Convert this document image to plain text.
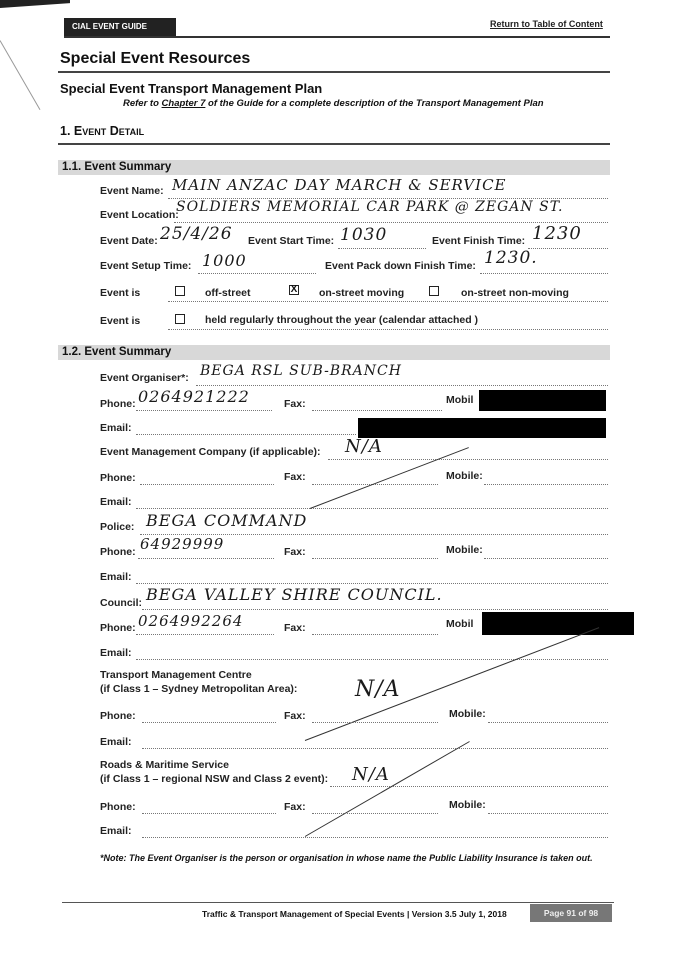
CIAL EVENT GUIDE	Return to Table of Content
Special Event Resources
Special Event Transport Management Plan
Refer to Chapter 7 of the Guide for a complete description of the Transport Management Plan
1. Event Detail
1.1. Event Summary
Event Name: MAIN ANZAC DAY MARCH & SERVICE
Event Location:
SOLDIERS MEMORIAL CAR PARK @ ZEGAN ST.
Event Date: 25/4/26 Event Start Time: 1030	Event Finish Time: 1230
Event Setup Time: 1000	Event Pack down Finish Time: 1230.
Event is	off-street	X on-street moving	on-street non-moving
Event is	held regularly throughout the year (calendar attached )
1.2. Event Summary
Event Organiser*: BEGA RSL SUB-BRANCH
Phone: 0264921222	Fax:	Mobil
Email:
Event Management Company (if applicable): N/A
Phone:	Fax:	Mobile:
Email:
Police: BEGA COMMAND
Phone: 64929999	Fax:	Mobile:
Email:
Council: BEGA VALLEY SHIRE COUNCIL.
Phone: 0264992264	Fax:	Mobil
Email:
Transport Management Centre
(if Class 1 – Sydney Metropolitan Area):	N/A
Phone:	Fax:	Mobile:
Email:
Roads & Maritime Service
(if Class 1 – regional NSW and Class 2 event): N/A
Phone:	Fax:	Mobile:
Email:
*Note: The Event Organiser is the person or organisation in whose name the Public Liability Insurance is taken out.
Traffic & Transport Management of Special Events | Version 3.5 July 1, 2018	Page 91 of 98
